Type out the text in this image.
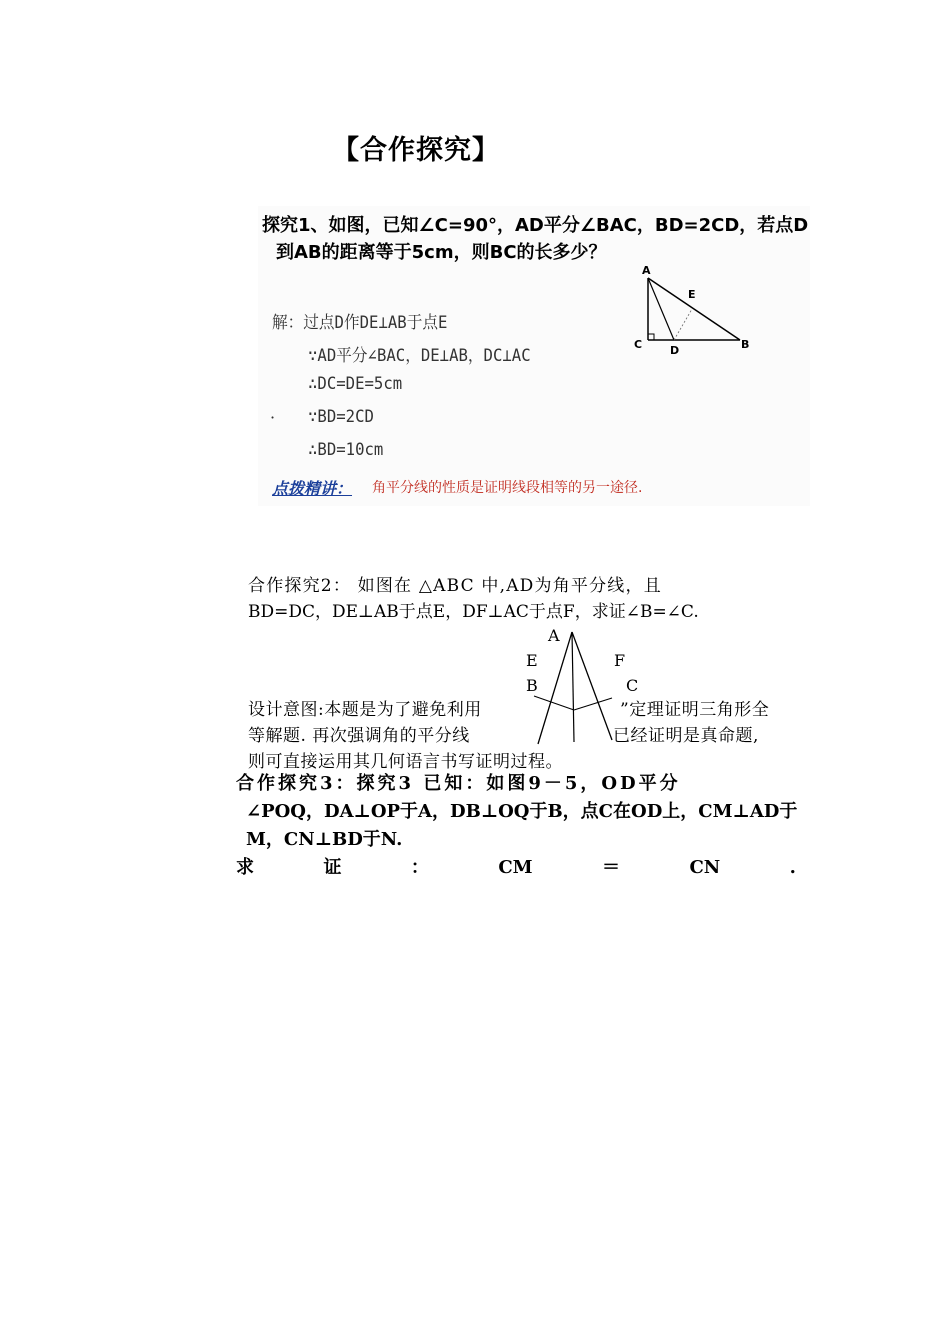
【合作探究】
探究1、如图，已知∠C=90°，AD平分∠BAC，BD=2CD，若点D
到AB的距离等于5cm，则BC的长多少？
解：过点D作DE⊥AB于点E
∵AD平分∠BAC，DE⊥AB，DC⊥AC
∴DC=DE=5cm
∵BD=2CD
∴BD=10cm
·
点拨精讲： 角平分线的性质是证明线段相等的另一途径.
A
E
C	D	B
合作探究2： 如图在 △ABC 中,AD为角平分线，且
BD=DC，DE⊥AB于点E，DF⊥AC于点F，求证∠B=∠C.
设计意图:本题是为了避免利用	”定理证明三角形全
等解题. 再次强调角的平分线	已经证明是真命题,
则可直接运用其几何语言书写证明过程。
A
E	F
B	C
合作探究3：探究3 已知：如图9－5，OD平分
∠POQ，DA⊥OP于A，DB⊥OQ于B，点C在OD上，CM⊥AD于
M，CN⊥BD于N.
求	证	：	CM	＝	CN	.
